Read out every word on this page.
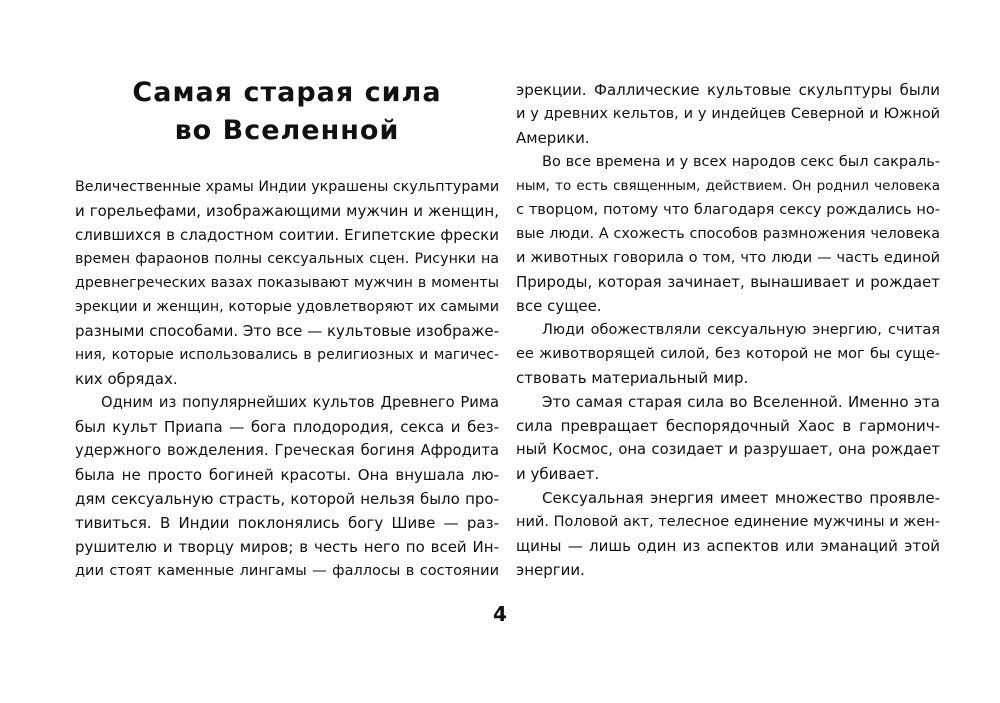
Самая старая сила
во Вселенной
Величественные храмы Индии украшены скульптурами
и горельефами, изображающими мужчин и женщин,
слившихся в сладостном соитии. Египетские фрески
времен фараонов полны сексуальных сцен. Рисунки на
древнегреческих вазах показывают мужчин в моменты
эрекции и женщин, которые удовлетворяют их самыми
разными способами. Это все — культовые изображе-
ния, которые использовались в религиозных и магичес-
ких обрядах.
Одним из популярнейших культов Древнего Рима
был культ Приапа — бога плодородия, секса и без-
удержного вожделения. Греческая богиня Афродита
была не просто богиней красоты. Она внушала лю-
дям сексуальную страсть, которой нельзя было про-
тивиться. В Индии поклонялись богу Шиве — раз-
рушителю и творцу миров; в честь него по всей Ин-
дии стоят каменные лингамы — фаллосы в состоянии
эрекции. Фаллические культовые скульптуры были
и у древних кельтов, и у индейцев Северной и Южной
Америки.
Во все времена и у всех народов секс был сакраль-
ным, то есть священным, действием. Он роднил человека
с творцом, потому что благодаря сексу рождались но-
вые люди. А схожесть способов размножения человека
и животных говорила о том, что люди — часть единой
Природы, которая зачинает, вынашивает и рождает
все сущее.
Люди обожествляли сексуальную энергию, считая
ее животворящей силой, без которой не мог бы суще-
ствовать материальный мир.
Это самая старая сила во Вселенной. Именно эта
сила превращает беспорядочный Хаос в гармонич-
ный Космос, она созидает и разрушает, она рождает
и убивает.
Сексуальная энергия имеет множество проявле-
ний. Половой акт, телесное единение мужчины и жен-
щины — лишь один из аспектов или эманаций этой
энергии.
4
